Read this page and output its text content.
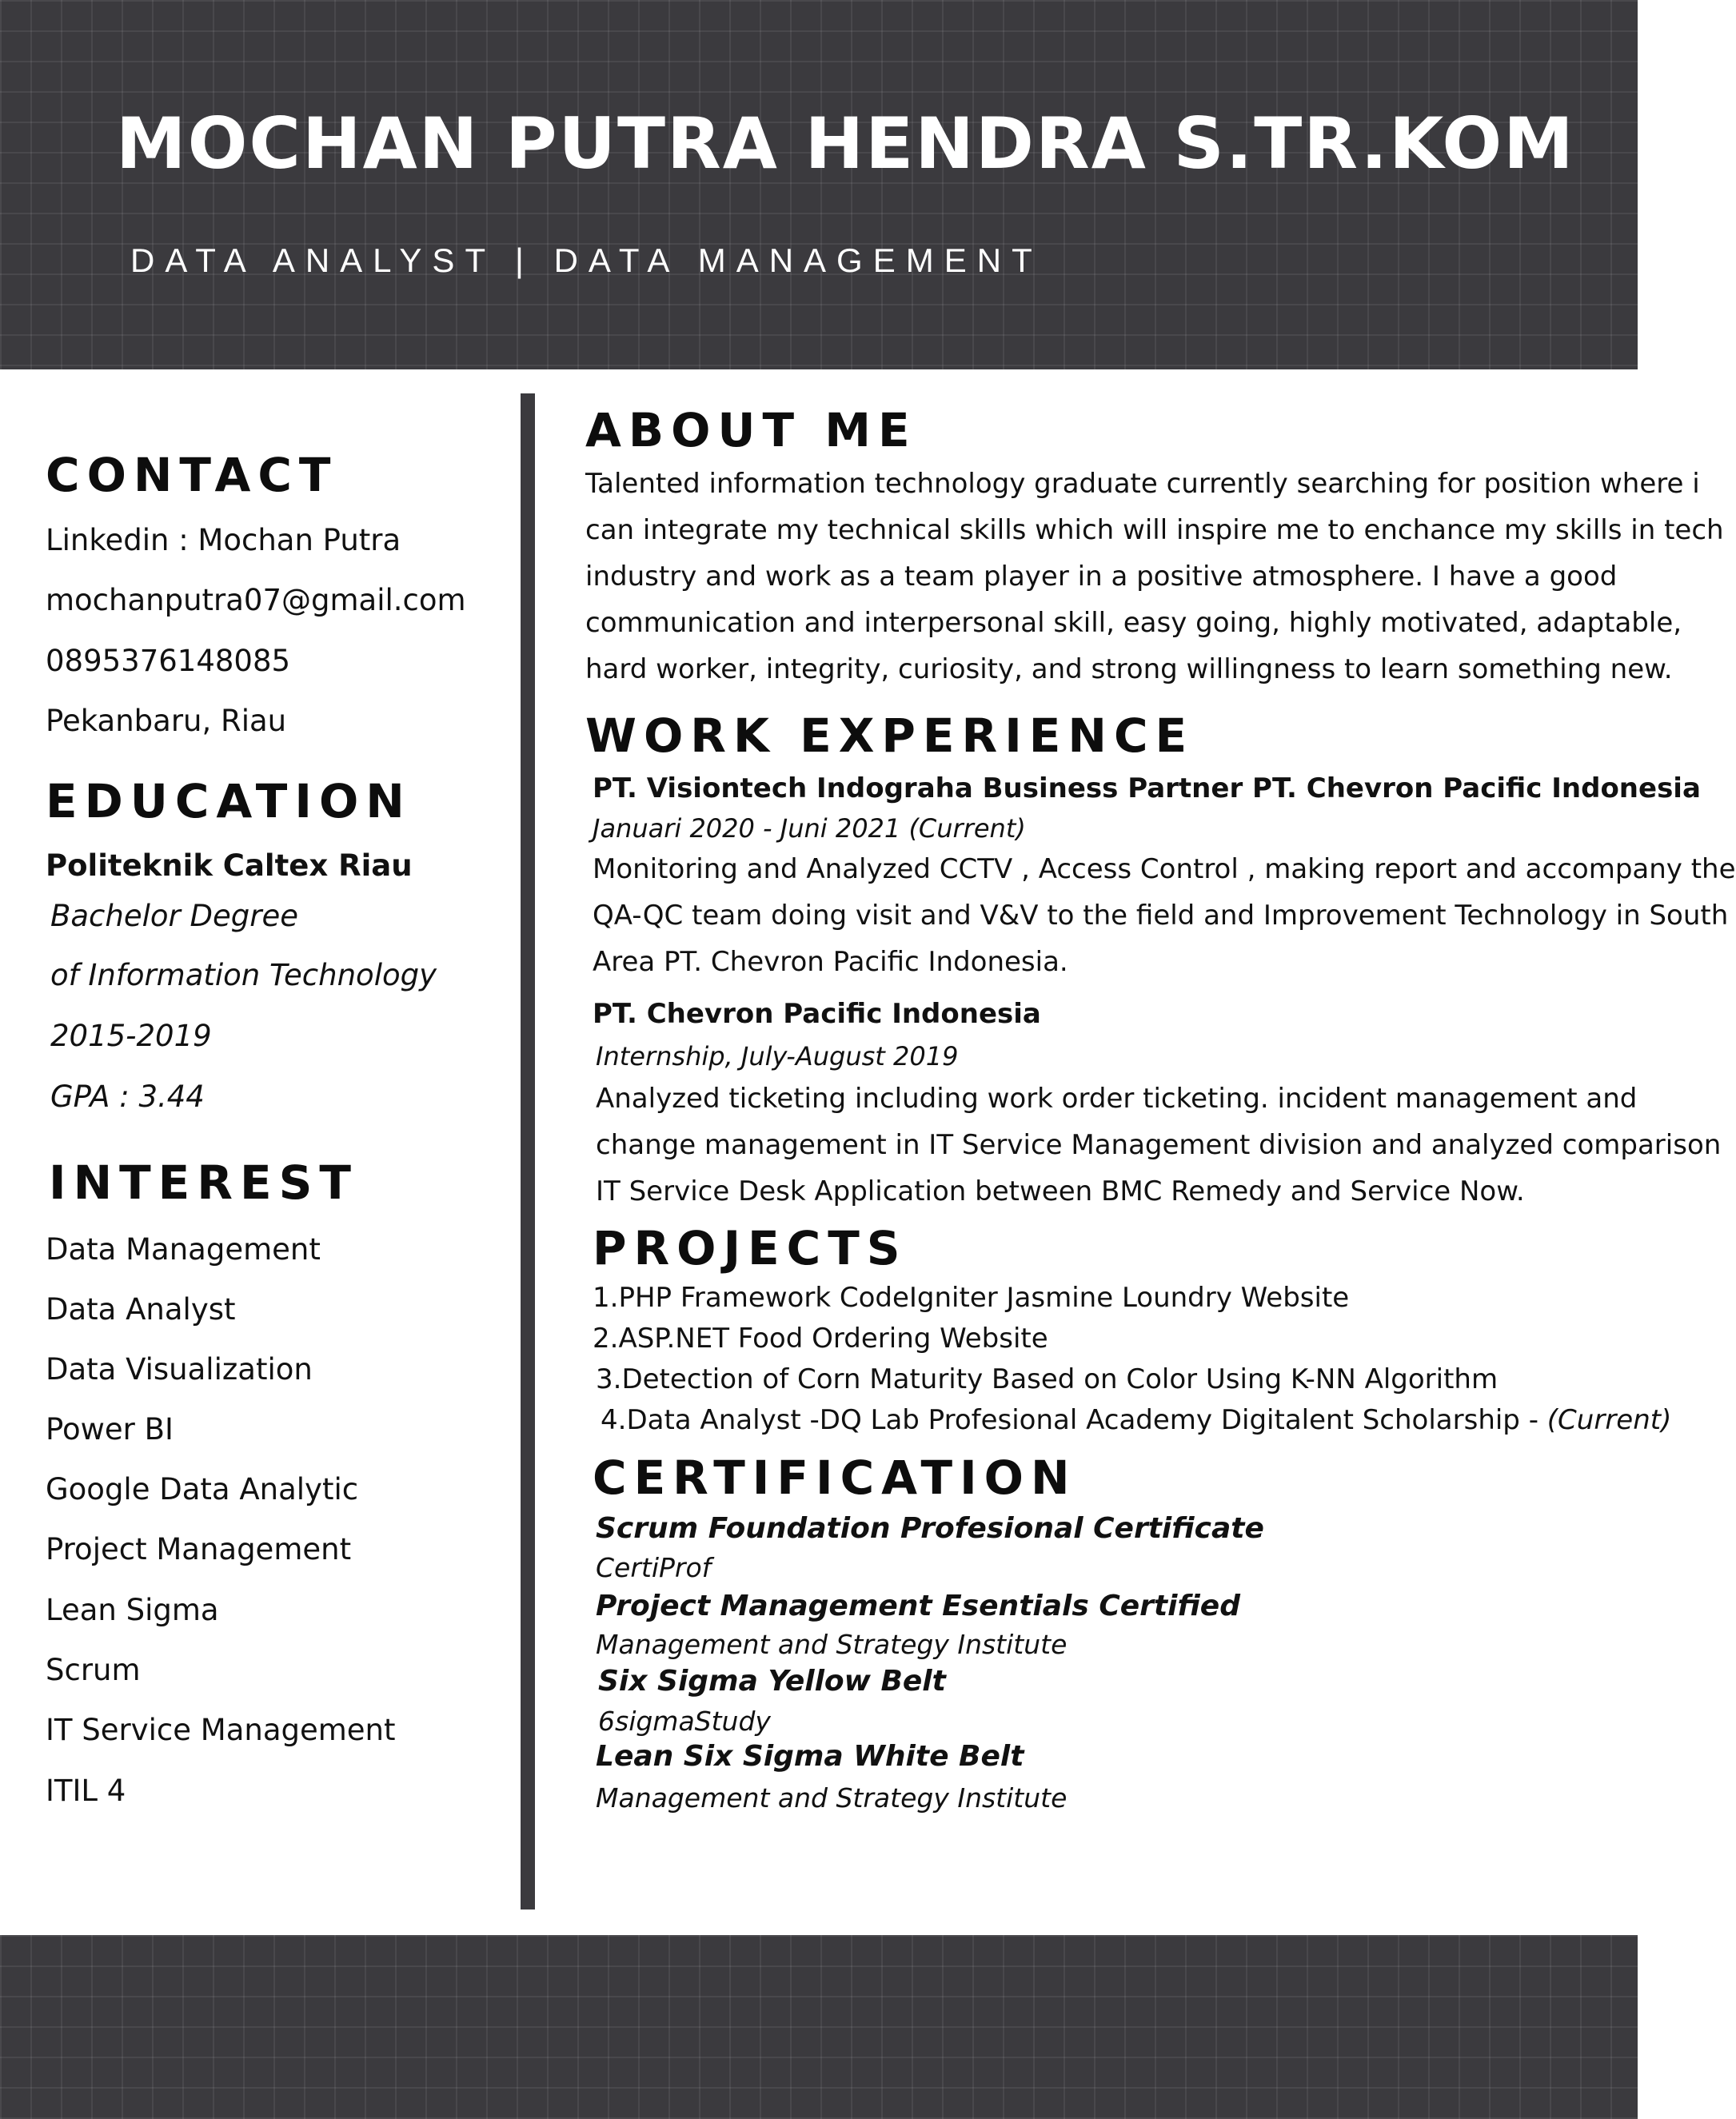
MOCHAN PUTRA HENDRA S.TR.KOM
DATA ANALYST | DATA MANAGEMENT
CONTACT
Linkedin : Mochan Putra
mochanputra07@gmail.com
0895376148085
Pekanbaru, Riau
EDUCATION
Politeknik Caltex Riau
Bachelor Degree
of Information Technology
2015-2019
GPA : 3.44
INTEREST
Data Management
Data Analyst
Data Visualization
Power BI
Google Data Analytic
Project Management
Lean Sigma
Scrum
IT Service Management
ITIL 4
ABOUT ME
Talented information technology graduate currently searching for position where i
can integrate my technical skills which will inspire me to enchance my skills in tech
industry and work as a team player in a positive atmosphere. I have a good
communication and interpersonal skill, easy going, highly motivated, adaptable,
hard worker, integrity, curiosity, and strong willingness to learn something new.
WORK EXPERIENCE
PT. Visiontech Indograha Business Partner PT. Chevron Pacific Indonesia
Januari 2020 - Juni 2021 (Current)
Monitoring and Analyzed CCTV , Access Control , making report and accompany the
QA-QC team doing visit and V&V to the field and Improvement Technology in South
Area PT. Chevron Pacific Indonesia.
PT. Chevron Pacific Indonesia
Internship, July-August 2019
Analyzed ticketing including work order ticketing. incident management and
change management in IT Service Management division and analyzed comparison
IT Service Desk Application between BMC Remedy and Service Now.
PROJECTS
1.PHP Framework CodeIgniter Jasmine Loundry Website
2.ASP.NET Food Ordering Website
3.Detection of Corn Maturity Based on Color Using K-NN Algorithm
4.Data Analyst -DQ Lab Profesional Academy Digitalent Scholarship - (Current)
CERTIFICATION
Scrum Foundation Profesional Certificate
CertiProf
Project Management Esentials Certified
Management and Strategy Institute
Six Sigma Yellow Belt
6sigmaStudy
Lean Six Sigma White Belt
Management and Strategy Institute
